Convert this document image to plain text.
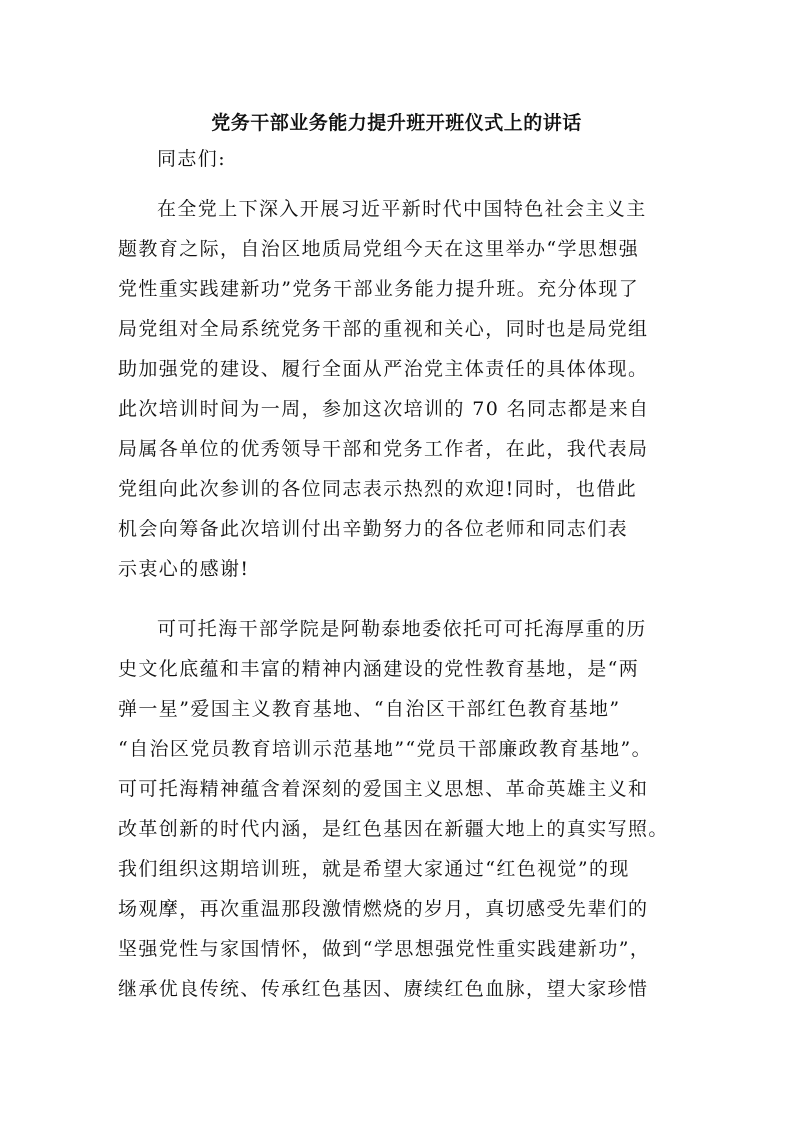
党务干部业务能力提升班开班仪式上的讲话

同志们:

在全党上下深入开展习近平新时代中国特色社会主义主

题教育之际，自治区地质局党组今天在这里举办“学思想强

党性重实践建新功”党务干部业务能力提升班。充分体现了

局党组对全局系统党务干部的重视和关心，同时也是局党组

助加强党的建设、履行全面从严治党主体责任的具体体现。

此次培训时间为一周，参加这次培训的 70 名同志都是来自

局属各单位的优秀领导干部和党务工作者，在此，我代表局

党组向此次参训的各位同志表示热烈的欢迎!同时，也借此

机会向筹备此次培训付出辛勤努力的各位老师和同志们表

示衷心的感谢!

可可托海干部学院是阿勒泰地委依托可可托海厚重的历

史文化底蕴和丰富的精神内涵建设的党性教育基地，是“两

弹一星”爱国主义教育基地、“自治区干部红色教育基地”

“自治区党员教育培训示范基地”“党员干部廉政教育基地”。

可可托海精神蕴含着深刻的爱国主义思想、革命英雄主义和

改革创新的时代内涵，是红色基因在新疆大地上的真实写照。

我们组织这期培训班，就是希望大家通过“红色视觉”的现

场观摩，再次重温那段激情燃烧的岁月，真切感受先辈们的

坚强党性与家国情怀，做到“学思想强党性重实践建新功”，

继承优良传统、传承红色基因、赓续红色血脉，望大家珍惜
